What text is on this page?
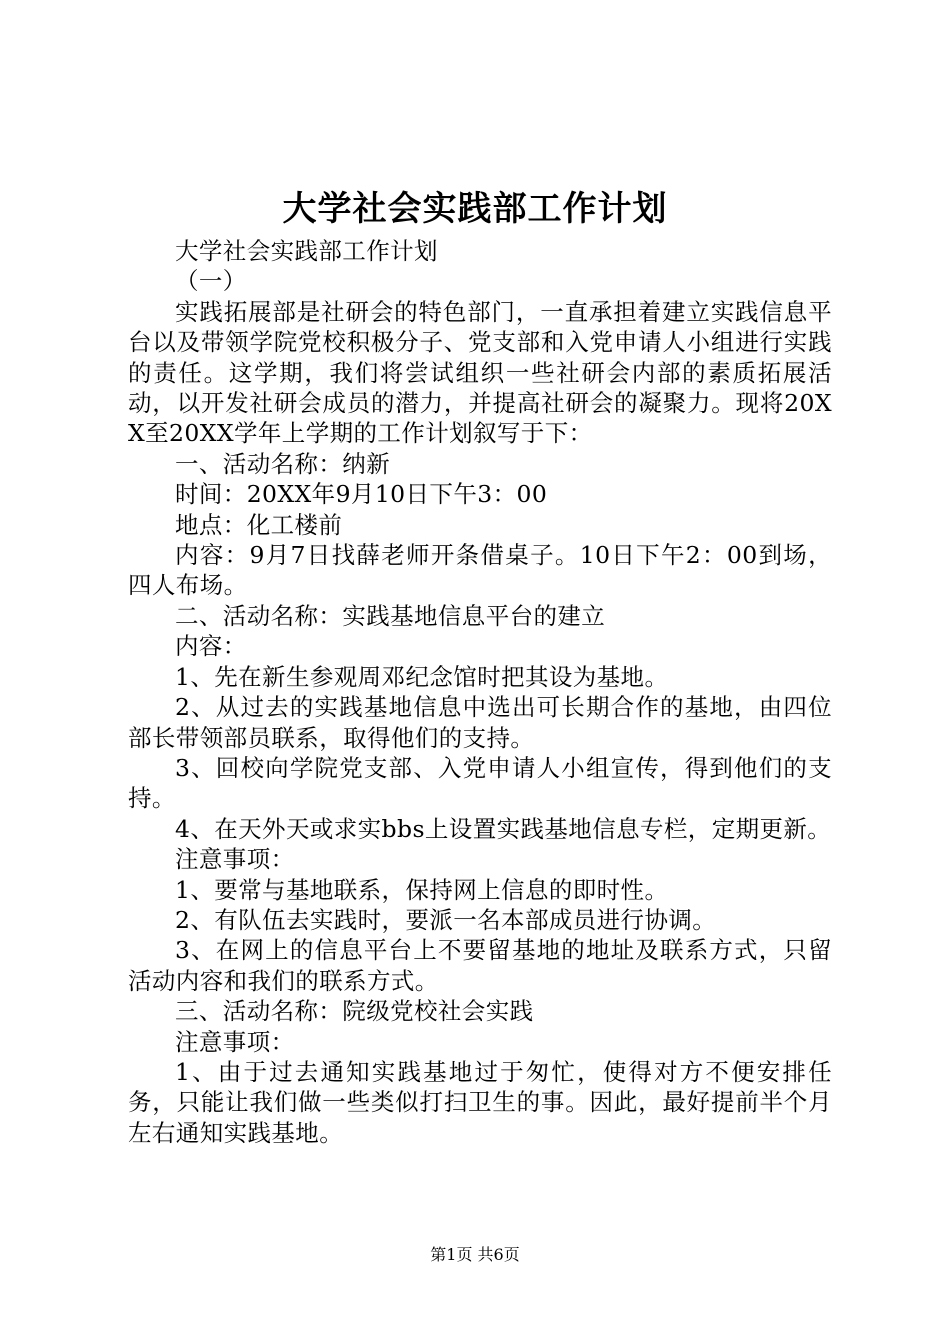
大学社会实践部工作计划

大学社会实践部工作计划

（一）

实践拓展部是社研会的特色部门，一直承担着建立实践信息平台以及带领学院党校积极分子、党支部和入党申请人小组进行实践的责任。这学期，我们将尝试组织一些社研会内部的素质拓展活动，以开发社研会成员的潜力，并提高社研会的凝聚力。现将20XX至20XX学年上学期的工作计划叙写于下：

一、活动名称：纳新

时间：20XX年9月10日下午3：00

地点：化工楼前

内容：9月7日找薛老师开条借桌子。10日下午2：00到场，四人布场。

二、活动名称：实践基地信息平台的建立

内容：

1、先在新生参观周邓纪念馆时把其设为基地。

2、从过去的实践基地信息中选出可长期合作的基地，由四位部长带领部员联系，取得他们的支持。

3、回校向学院党支部、入党申请人小组宣传，得到他们的支持。

4、在天外天或求实bbs上设置实践基地信息专栏，定期更新。

注意事项：

1、要常与基地联系，保持网上信息的即时性。

2、有队伍去实践时，要派一名本部成员进行协调。

3、在网上的信息平台上不要留基地的地址及联系方式，只留活动内容和我们的联系方式。

三、活动名称：院级党校社会实践

注意事项：

1、由于过去通知实践基地过于匆忙，使得对方不便安排任务，只能让我们做一些类似打扫卫生的事。因此，最好提前半个月左右通知实践基地。

第1页 共6页
